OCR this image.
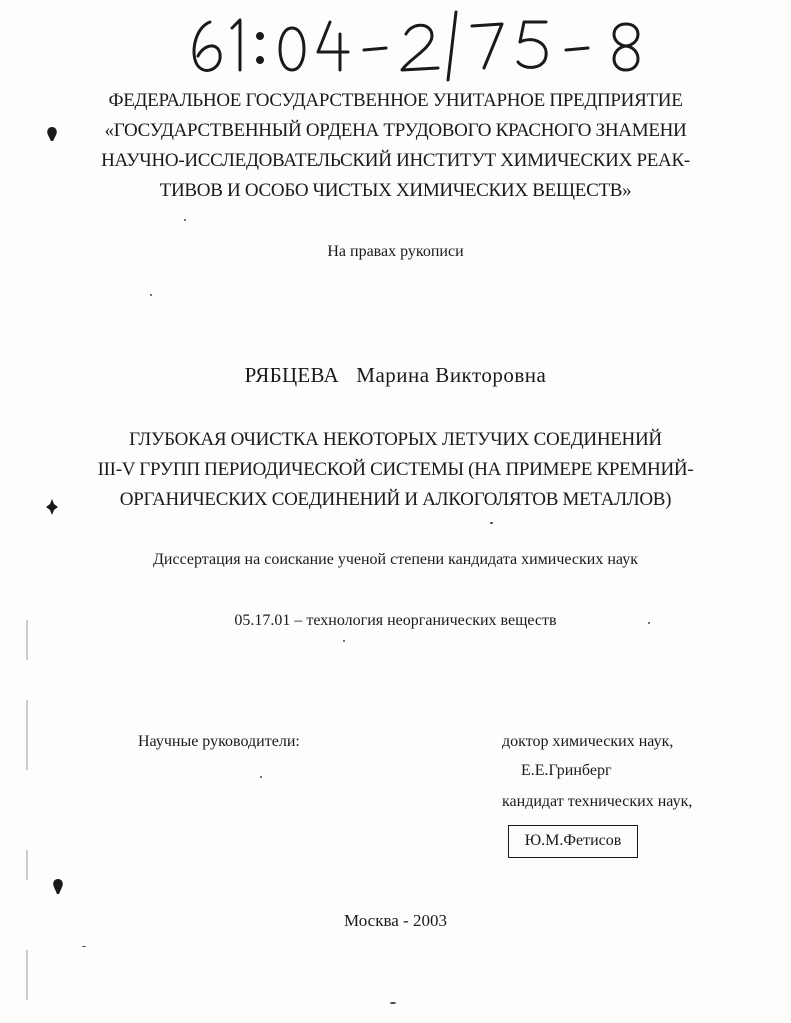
ФЕДЕРАЛЬНОЕ ГОСУДАРСТВЕННОЕ УНИТАРНОЕ ПРЕДПРИЯТИЕ
«ГОСУДАРСТВЕННЫЙ ОРДЕНА ТРУДОВОГО КРАСНОГО ЗНАМЕНИ
НАУЧНО-ИССЛЕДОВАТЕЛЬСКИЙ ИНСТИТУТ ХИМИЧЕСКИХ РЕАК-
ТИВОВ И ОСОБО ЧИСТЫХ ХИМИЧЕСКИХ ВЕЩЕСТВ»
На правах рукописи
РЯБЦЕВА Марина Викторовна
ГЛУБОКАЯ ОЧИСТКА НЕКОТОРЫХ ЛЕТУЧИХ СОЕДИНЕНИЙ
III-V ГРУПП ПЕРИОДИЧЕСКОЙ СИСТЕМЫ (НА ПРИМЕРЕ КРЕМНИЙ-
ОРГАНИЧЕСКИХ СОЕДИНЕНИЙ И АЛКОГОЛЯТОВ МЕТАЛЛОВ)
Диссертация на соискание ученой степени кандидата химических наук
05.17.01 – технология неорганических веществ
Научные руководители:	доктор химических наук,
Е.Е.Гринберг
кандидат технических наук,
Ю.М.Фетисов
Москва - 2003
